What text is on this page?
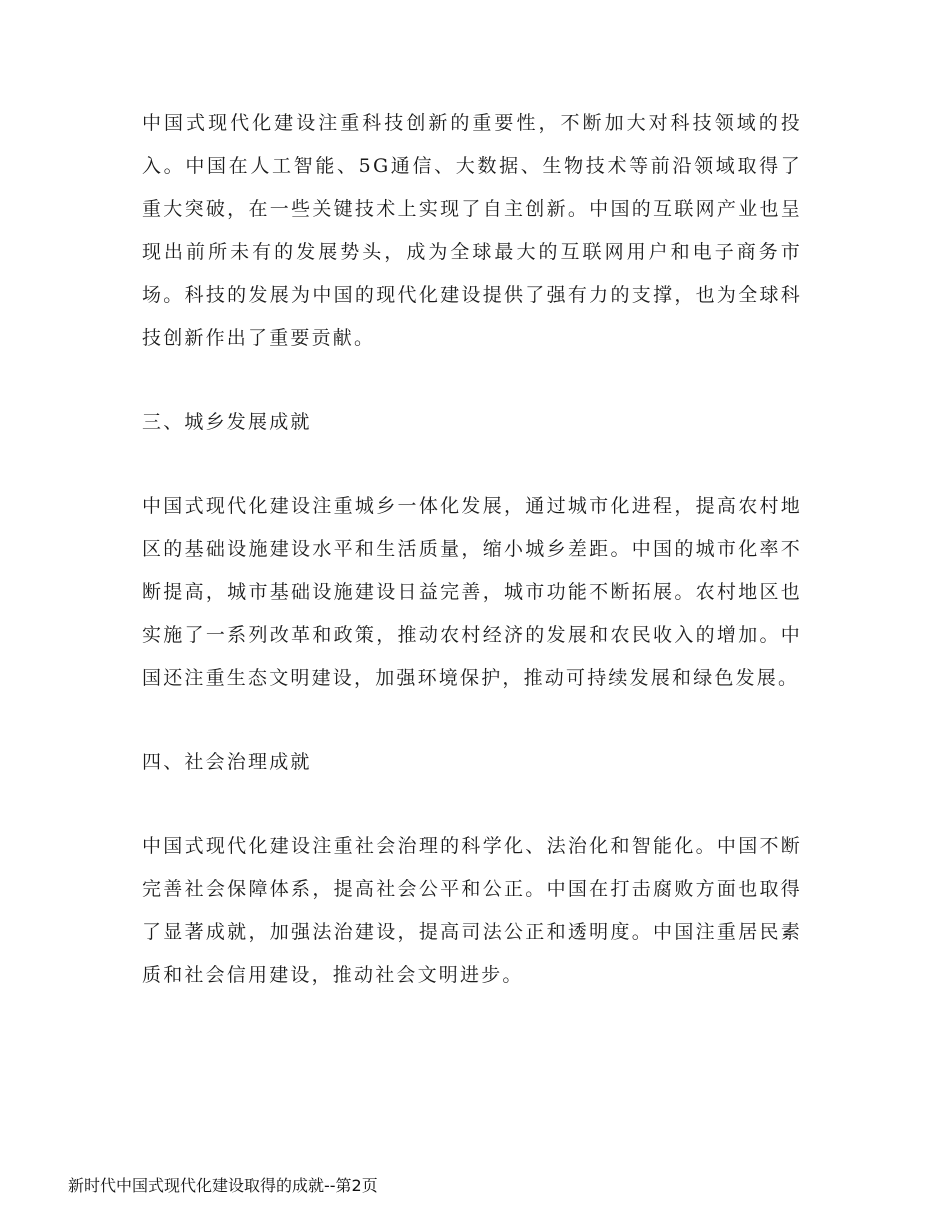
中国式现代化建设注重科技创新的重要性，不断加大对科技领域的投入。中国在人工智能、5G通信、大数据、生物技术等前沿领域取得了重大突破，在一些关键技术上实现了自主创新。中国的互联网产业也呈现出前所未有的发展势头，成为全球最大的互联网用户和电子商务市场。科技的发展为中国的现代化建设提供了强有力的支撑，也为全球科技创新作出了重要贡献。

三、城乡发展成就

中国式现代化建设注重城乡一体化发展，通过城市化进程，提高农村地区的基础设施建设水平和生活质量，缩小城乡差距。中国的城市化率不断提高，城市基础设施建设日益完善，城市功能不断拓展。农村地区也实施了一系列改革和政策，推动农村经济的发展和农民收入的增加。中国还注重生态文明建设，加强环境保护，推动可持续发展和绿色发展。

四、社会治理成就

中国式现代化建设注重社会治理的科学化、法治化和智能化。中国不断完善社会保障体系，提高社会公平和公正。中国在打击腐败方面也取得了显著成就，加强法治建设，提高司法公正和透明度。中国注重居民素质和社会信用建设，推动社会文明进步。

新时代中国式现代化建设取得的成就--第2页
